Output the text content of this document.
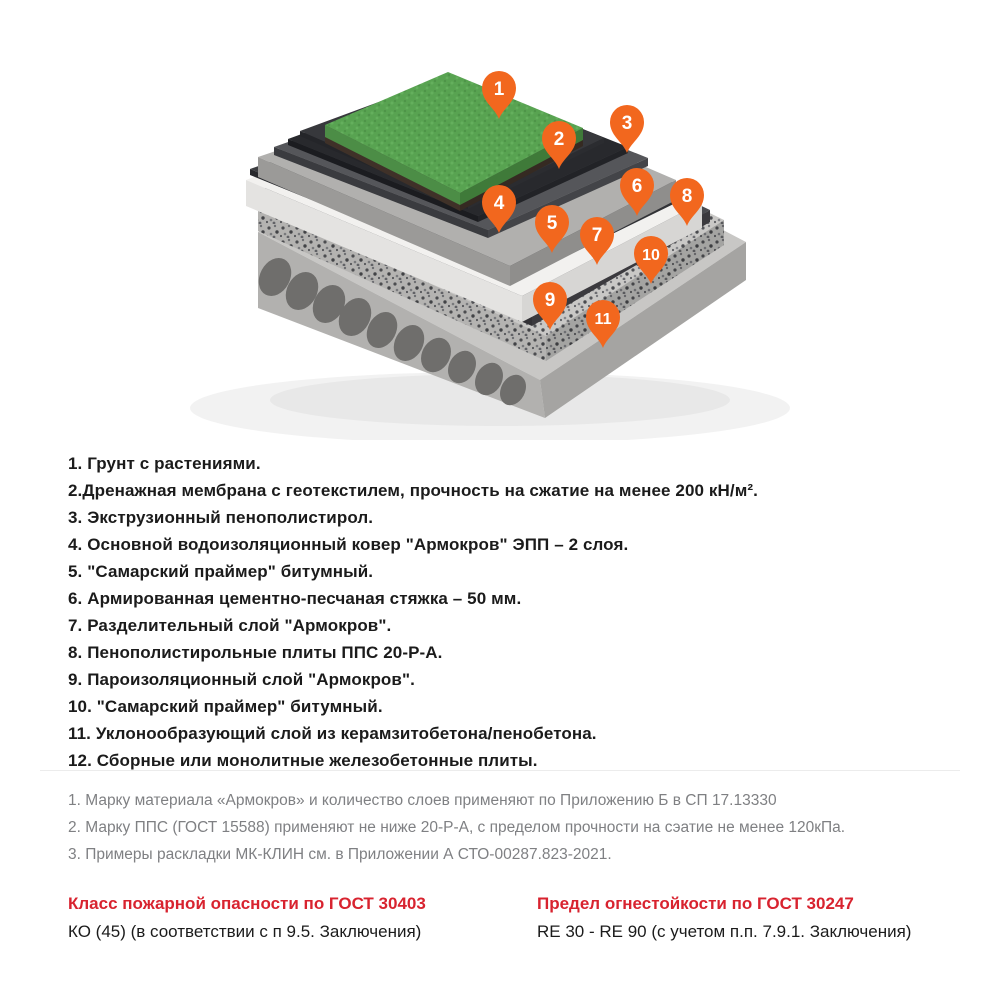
1
2
3
4
5
6
7
8
9
10
11
1. Грунт с растениями.
2.Дренажная мембрана с геотекстилем, прочность на сжатие на менее 200 кН/м².
3. Экструзионный пенополистирол.
4. Основной водоизоляционный ковер "Армокров" ЭПП – 2 слоя.
5. "Самарский праймер" битумный.
6. Армированная цементно-песчаная стяжка – 50 мм.
7. Разделительный слой "Армокров".
8. Пенополистирольные плиты ППС 20-Р-А.
9. Пароизоляционный слой "Армокров".
10. "Самарский праймер" битумный.
11. Уклонообразующий слой из керамзитобетона/пенобетона.
12. Сборные или монолитные железобетонные плиты.
1. Марку материала «Армокров» и количество слоев применяют по Приложению Б в СП 17.13330
2. Марку ППС (ГОСТ 15588) применяют не ниже 20-Р-А, с пределом прочности на сэатие не менее 120кПа.
3. Примеры раскладки МК-КЛИН см. в Приложении А СТО-00287.823-2021.
Класс пожарной опасности по ГОСТ 30403
КО (45) (в соответствии с п 9.5. Заключения)
Предел огнестойкости по ГОСТ 30247
RE 30 - RE 90 (с учетом п.п. 7.9.1. Заключения)
